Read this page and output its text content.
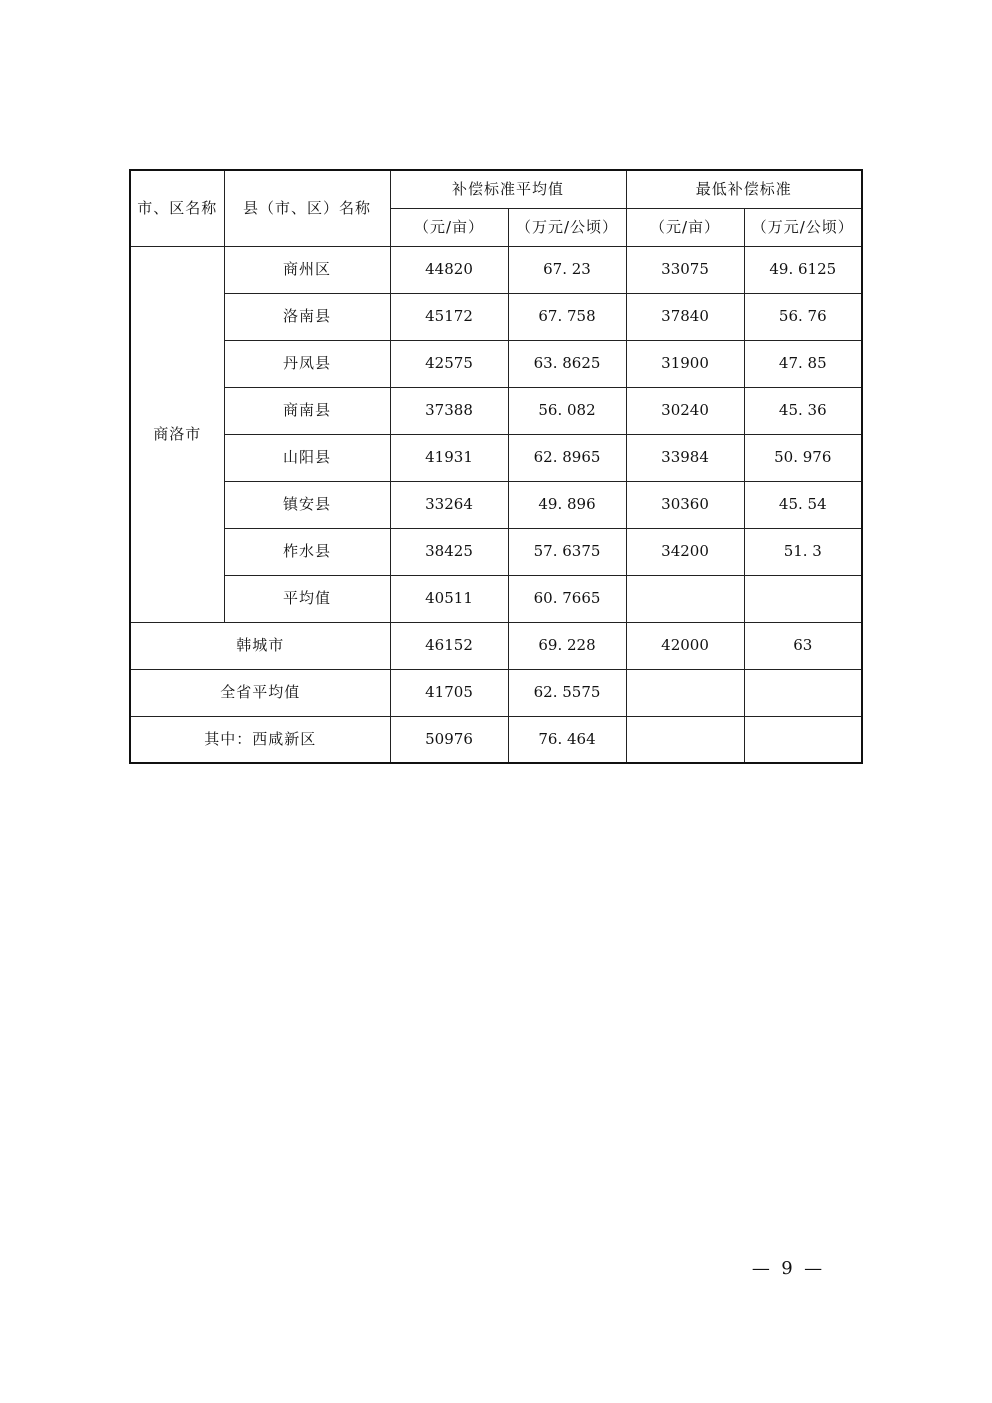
市、区名称	县（市、区）名称	补偿标准平均值		最低补偿标准	
		（元/亩）	（万元/公顷）	（元/亩）	（万元/公顷）
商洛市	商州区	44820	67. 23	33075	49. 6125
	洛南县	45172	67. 758	37840	56. 76
	丹凤县	42575	63. 8625	31900	47. 85
	商南县	37388	56. 082	30240	45. 36
	山阳县	41931	62. 8965	33984	50. 976
	镇安县	33264	49. 896	30360	45. 54
	柞水县	38425	57. 6375	34200	51. 3
	平均值	40511	60. 7665		
韩城市		46152	69. 228	42000	63
全省平均值		41705	62. 5575		
其中：西咸新区		50976	76. 464		
—  9  —
